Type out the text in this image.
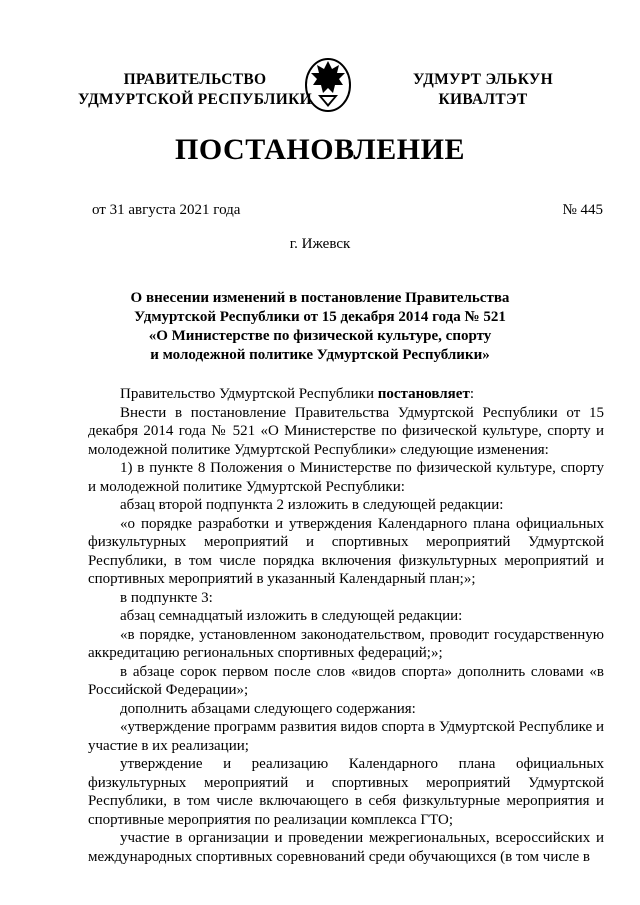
ПРАВИТЕЛЬСТВО
УДМУРТСКОЙ РЕСПУБЛИКИ
УДМУРТ ЭЛЬКУН
КИВАЛТЭТ
ПОСТАНОВЛЕНИЕ
от 31 августа 2021 года	№ 445
г. Ижевск
О внесении изменений в постановление Правительства
Удмуртской Республики от 15 декабря 2014 года № 521
«О Министерстве по физической культуре, спорту
и молодежной политике Удмуртской Республики»

Правительство Удмуртской Республики постановляет:

Внести в постановление Правительства Удмуртской Республики от 15 декабря 2014 года № 521 «О Министерстве по физической культуре, спорту и молодежной политике Удмуртской Республики» следующие изменения:

1) в пункте 8 Положения о Министерстве по физической культуре, спорту и молодежной политике Удмуртской Республики:

абзац второй подпункта 2 изложить в следующей редакции:

«о порядке разработки и утверждения Календарного плана официальных физкультурных мероприятий и спортивных мероприятий Удмуртской Республики, в том числе порядка включения физкультурных мероприятий и спортивных мероприятий в указанный Календарный план;»;

в подпункте 3:

абзац семнадцатый изложить в следующей редакции:

«в порядке, установленном законодательством, проводит государственную аккредитацию региональных спортивных федераций;»;

в абзаце сорок первом после слов «видов спорта» дополнить словами «в Российской Федерации»;

дополнить абзацами следующего содержания:

«утверждение программ развития видов спорта в Удмуртской Республике и участие в их реализации;

утверждение и реализацию Календарного плана официальных физкультурных мероприятий и спортивных мероприятий Удмуртской Республики, в том числе включающего в себя физкультурные мероприятия и спортивные мероприятия по реализации комплекса ГТО;

участие в организации и проведении межрегиональных, всероссийских и международных спортивных соревнований среди обучающихся (в том числе в
